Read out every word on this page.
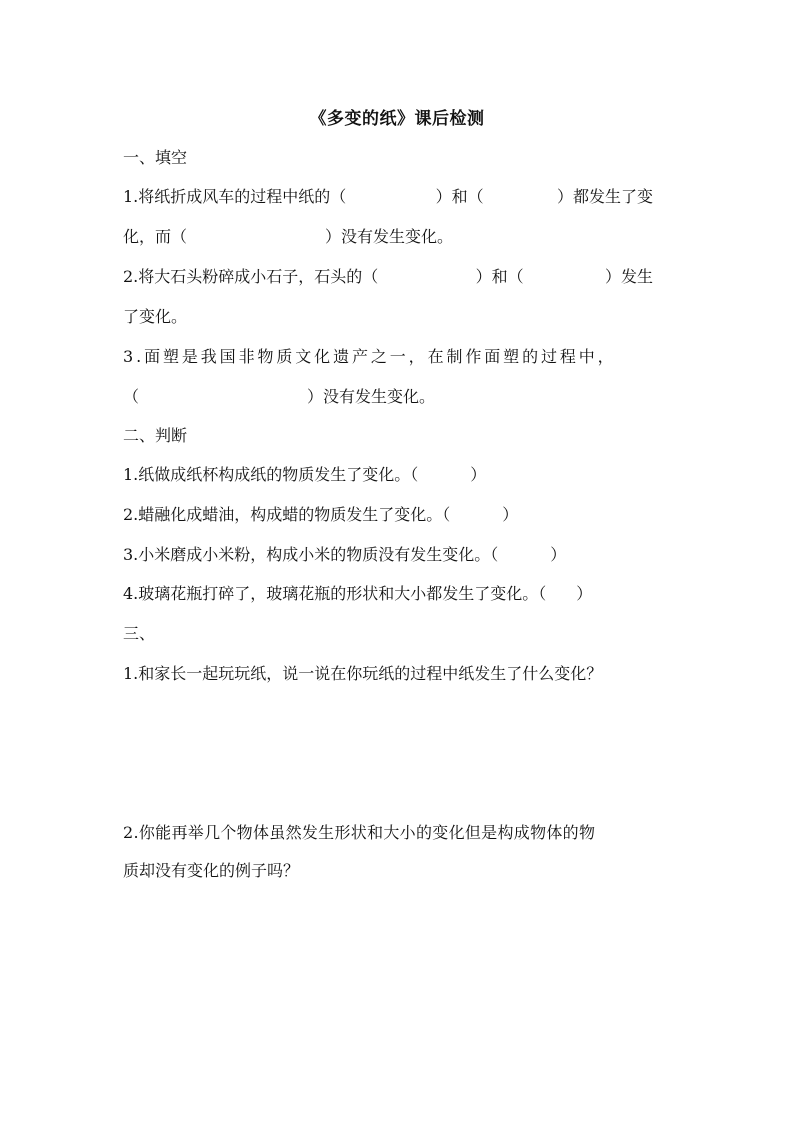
《多变的纸》课后检测
一、填空
1.将纸折成风车的过程中纸的（	）和（	）都发生了变
化，而（	）没有发生变化。
2.将大石头粉碎成小石子，石头的（	）和（	）发生
了变化。
3.面塑是我国非物质文化遗产之一，在制作面塑的过程中，
（	）没有发生变化。
二、判断
1.纸做成纸杯构成纸的物质发生了变化。（	）
2.蜡融化成蜡油，构成蜡的物质发生了变化。（	）
3.小米磨成小米粉，构成小米的物质没有发生变化。（	）
4.玻璃花瓶打碎了，玻璃花瓶的形状和大小都发生了变化。（ ）
三、
1.和家长一起玩玩纸，说一说在你玩纸的过程中纸发生了什么变化？
2.你能再举几个物体虽然发生形状和大小的变化但是构成物体的物
质却没有变化的例子吗？
